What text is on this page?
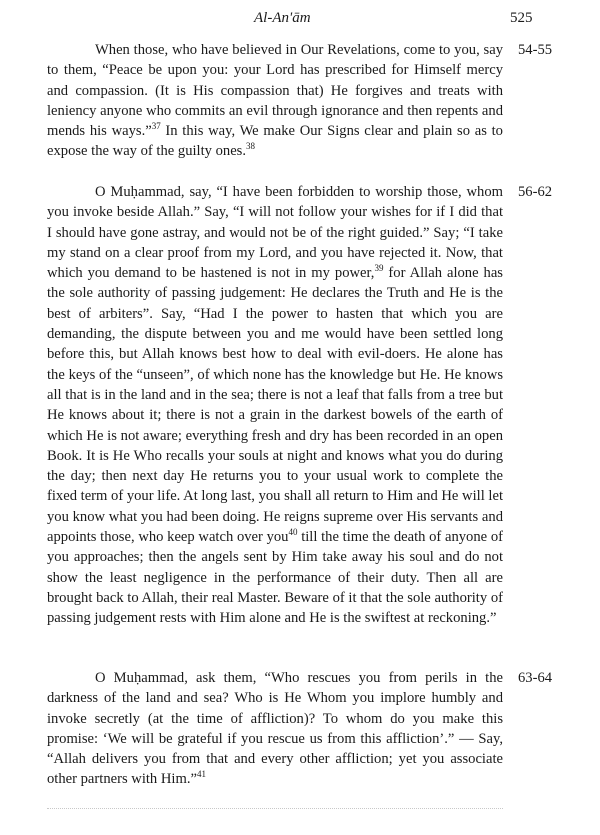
Al-An'ām	525

When those, who have believed in Our Revelations, come to you, say to them, “Peace be upon you: your Lord has prescribed for Himself mercy and compassion. (It is His compassion that) He forgives and treats with leniency anyone who commits an evil through ignorance and then repents and mends his ways.”$^{37}$ In this way, We make Our Signs clear and plain so as to expose the way of the guilty ones.$^{38}$

54-55

O Muḥammad, say, “I have been forbidden to worship those, whom you invoke beside Allah.” Say, “I will not follow your wishes for if I did that I should have gone astray, and would not be of the right guided.” Say; “I take my stand on a clear proof from my Lord, and you have rejected it. Now, that which you demand to be hastened is not in my power,$^{39}$ for Allah alone has the sole authority of passing judgement: He declares the Truth and He is the best of arbiters”. Say, “Had I the power to hasten that which you are demanding, the dispute between you and me would have been settled long before this, but Allah knows best how to deal with evil-doers. He alone has the keys of the “unseen”, of which none has the knowledge but He. He knows all that is in the land and in the sea; there is not a leaf that falls from a tree but He knows about it; there is not a grain in the darkest bowels of the earth of which He is not aware; everything fresh and dry has been recorded in an open Book. It is He Who recalls your souls at night and knows what you do during the day; then next day He returns you to your usual work to complete the fixed term of your life. At long last, you shall all return to Him and He will let you know what you had been doing. He reigns supreme over His servants and appoints those, who keep watch over you$^{40}$ till the time the death of anyone of you approaches; then the angels sent by Him take away his soul and do not show the least negligence in the performance of their duty. Then all are brought back to Allah, their real Master. Beware of it that the sole authority of passing judgement rests with Him alone and He is the swiftest at reckoning.”

56-62

O Muḥammad, ask them, “Who rescues you from perils in the darkness of the land and sea? Who is He Whom you implore humbly and invoke secretly (at the time of affliction)? To whom do you make this promise: ‘We will be grateful if you rescue us from this affliction’.” — Say, “Allah delivers you from that and every other affliction; yet you associate other partners with Him.”$^{41}$

63-64
